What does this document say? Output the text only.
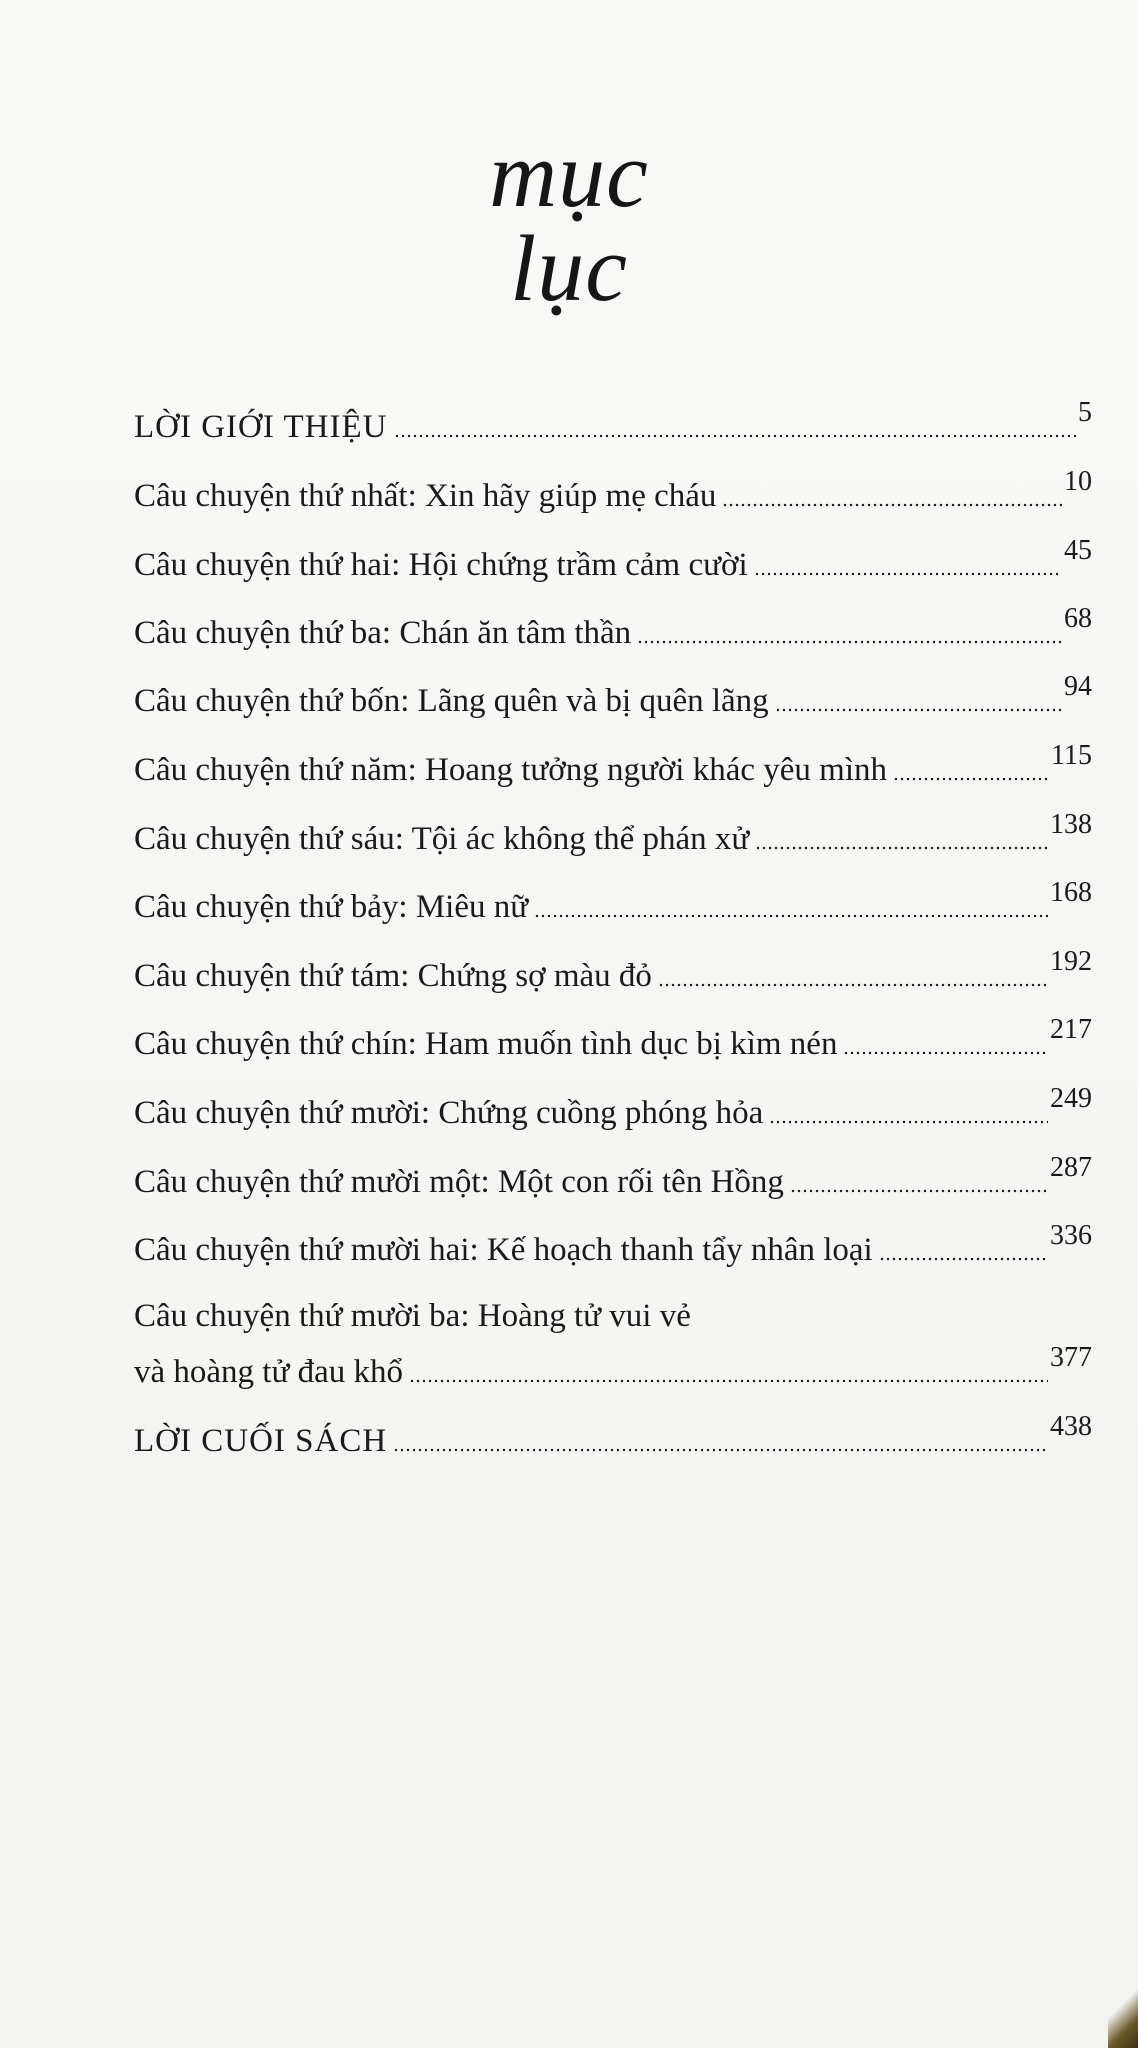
mục
lục
LỜI GIỚI THIỆU	5
Câu chuyện thứ nhất: Xin hãy giúp mẹ cháu	10
Câu chuyện thứ hai: Hội chứng trầm cảm cười	45
Câu chuyện thứ ba: Chán ăn tâm thần	68
Câu chuyện thứ bốn: Lãng quên và bị quên lãng	94
Câu chuyện thứ năm: Hoang tưởng người khác yêu mình	115
Câu chuyện thứ sáu: Tội ác không thể phán xử	138
Câu chuyện thứ bảy: Miêu nữ	168
Câu chuyện thứ tám: Chứng sợ màu đỏ	192
Câu chuyện thứ chín: Ham muốn tình dục bị kìm nén	217
Câu chuyện thứ mười: Chứng cuồng phóng hỏa	249
Câu chuyện thứ mười một: Một con rối tên Hồng	287
Câu chuyện thứ mười hai: Kế hoạch thanh tẩy nhân loại	336
Câu chuyện thứ mười ba: Hoàng tử vui vẻ
và hoàng tử đau khổ	377
LỜI CUỐI SÁCH	438
